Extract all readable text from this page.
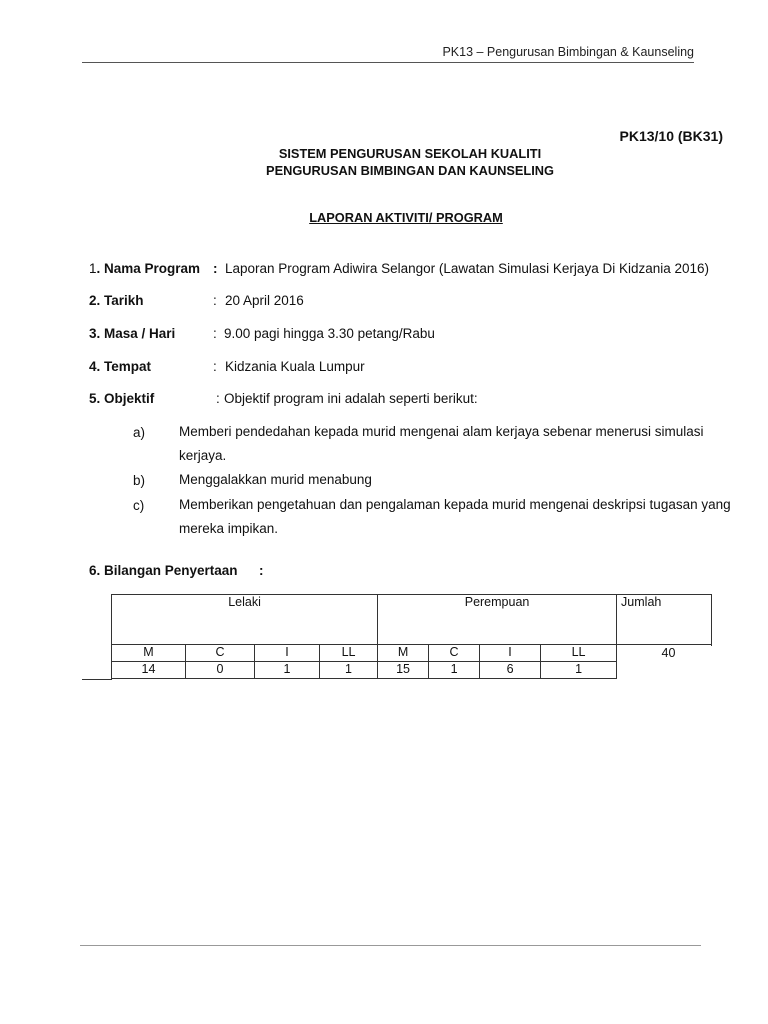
PK13 – Pengurusan Bimbingan & Kaunseling
PK13/10 (BK31)
SISTEM PENGURUSAN SEKOLAH KUALITI
PENGURUSAN BIMBINGAN DAN KAUNSELING
LAPORAN AKTIVITI/ PROGRAM
1. Nama Program : Laporan Program Adiwira Selangor (Lawatan Simulasi Kerjaya Di Kidzania 2016)
2. Tarikh	: 20 April 2016
3. Masa / Hari	: 9.00 pagi hingga 3.30 petang/Rabu
4. Tempat	: Kidzania Kuala Lumpur
5. Objektif	: Objektif program ini adalah seperti berikut:
a)	Memberi pendedahan kepada murid mengenai alam kerjaya sebenar menerusi simulasi kerjaya.
b)	Menggalakkan murid menabung
c)	Memberikan pengetahuan dan pengalaman kepada murid mengenai deskripsi tugasan yang mereka impikan.
6. Bilangan Penyertaan :
Lelaki				Perempuan				Jumlah

M	C	I	LL	M	C	I	LL	
14	0	1	1	15	1	6	1	
40
